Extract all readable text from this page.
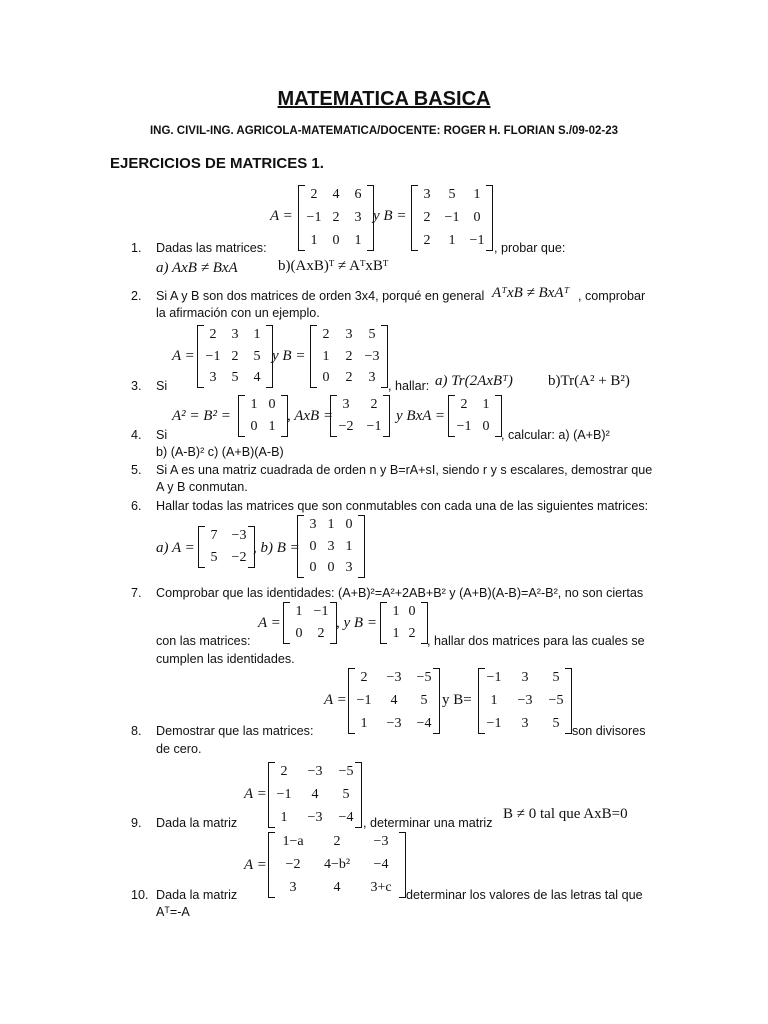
MATEMATICA BASICA
ING. CIVIL-ING. AGRICOLA-MATEMATICA/DOCENTE: ROGER H. FLORIAN S./09-02-23
EJERCICIOS DE MATRICES 1.
A =
2	4	6
−1 2	3
1	0	1
y B =
3	5	1
2	−1	0
2	1	−1
1. Dadas las matrices:	, probar que:
a) AxB ≠ BxA	b)(AxB)ᵀ ≠ AᵀxBᵀ
2. Si A y B son dos matrices de orden 3x4, porqué en general AᵀxB ≠ BxAᵀ , comprobar
la afirmación con un ejemplo.
A =
2	3	1
−1 2	5
3	5	4
y B =
2	3	5
1	2 −3
0	2	3
3. Si	, hallar: a) Tr(2AxBᵀ) b)Tr(A² + B²)
A² = B² =
1 0
0 1
, AxB =
3	2
−2 −1
y BxA =
2	1
−1 0
4. Si	, calcular: a) (A+B)²
b) (A-B)² c) (A+B)(A-B)
5. Si A es una matriz cuadrada de orden n y B=rA+sI, siendo r y s escalares, demostrar que
A y B conmutan.
6. Hallar todas las matrices que son conmutables con cada una de las siguientes matrices:
a) A =
7	−3
5	−2
, b) B =
3 1 0
0 3 1
0 0 3
7. Comprobar que las identidades: (A+B)²=A²+2AB+B² y (A+B)(A-B)=A²-B², no son ciertas
A =
1 −1
0	2
, y B =
1 0
1 2
con las matrices:	, hallar dos matrices para las cuales se
cumplen las identidades.
A =
2	−3 −5
−1	4	5
1	−3 −4
y B=
−1	3	5
1	−3 −5
−1	3	5
8. Demostrar que las matrices:	son divisores
de cero.
A =
2	−3 −5
−1	4	5
1	−3 −4
9. Dada la matriz	, determinar una matriz
B ≠ 0 tal que AxB=0
A =
1−a	2	−3
−2	4−b²	−4
3	4	3+c
10. Dada la matriz	determinar los valores de las letras tal que
Aᵀ=-A
